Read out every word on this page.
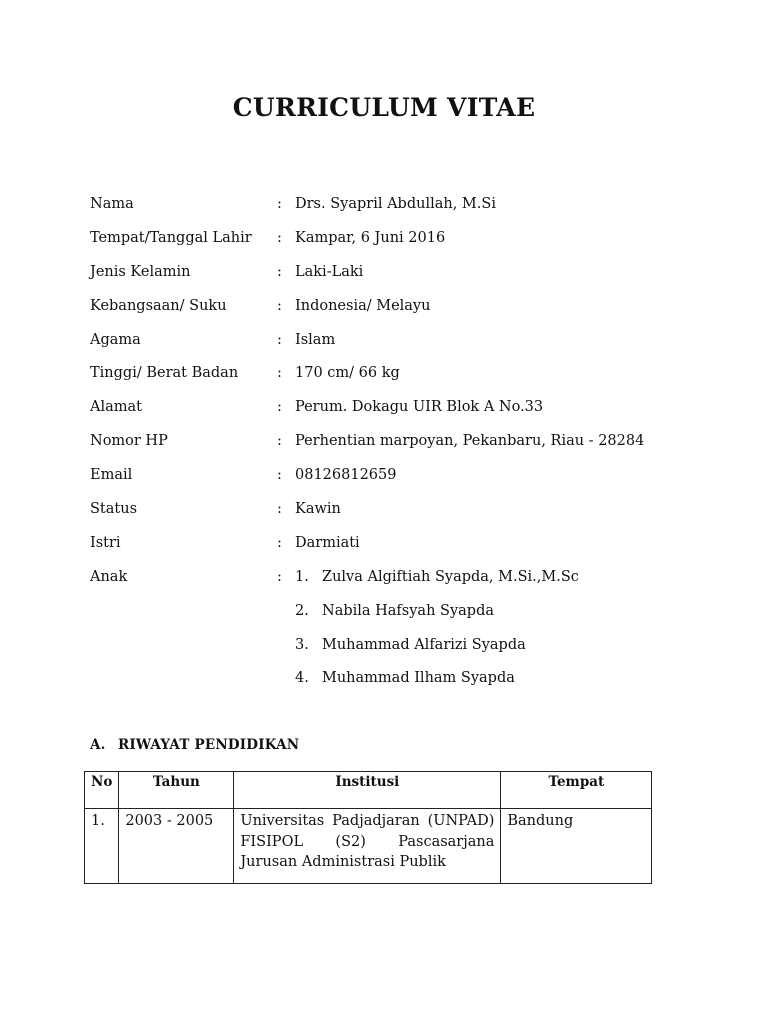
CURRICULUM VITAE
Nama	: Drs. Syapril Abdullah, M.Si
Tempat/Tanggal Lahir	: Kampar, 6 Juni 2016
Jenis Kelamin	: Laki-Laki
Kebangsaan/ Suku	: Indonesia/ Melayu
Agama	: Islam
Tinggi/ Berat Badan	: 170 cm/ 66 kg
Alamat	: Perum. Dokagu UIR Blok A No.33
Nomor HP	: Perhentian marpoyan, Pekanbaru, Riau - 28284
Email	: 08126812659
Status	: Kawin
Istri	: Darmiati
Anak	: 1. Zulva Algiftiah Syapda, M.Si.,M.Sc
2. Nabila Hafsyah Syapda
3. Muhammad Alfarizi Syapda
4. Muhammad Ilham Syapda
A. RIWAYAT PENDIDIKAN
No	Tahun	Institusi	Tempat
1.	2003 - 2005	Universitas Padjadjaran (UNPAD) FISIPOL (S2) Pascasarjana Jurusan Administrasi Publik	Bandung
